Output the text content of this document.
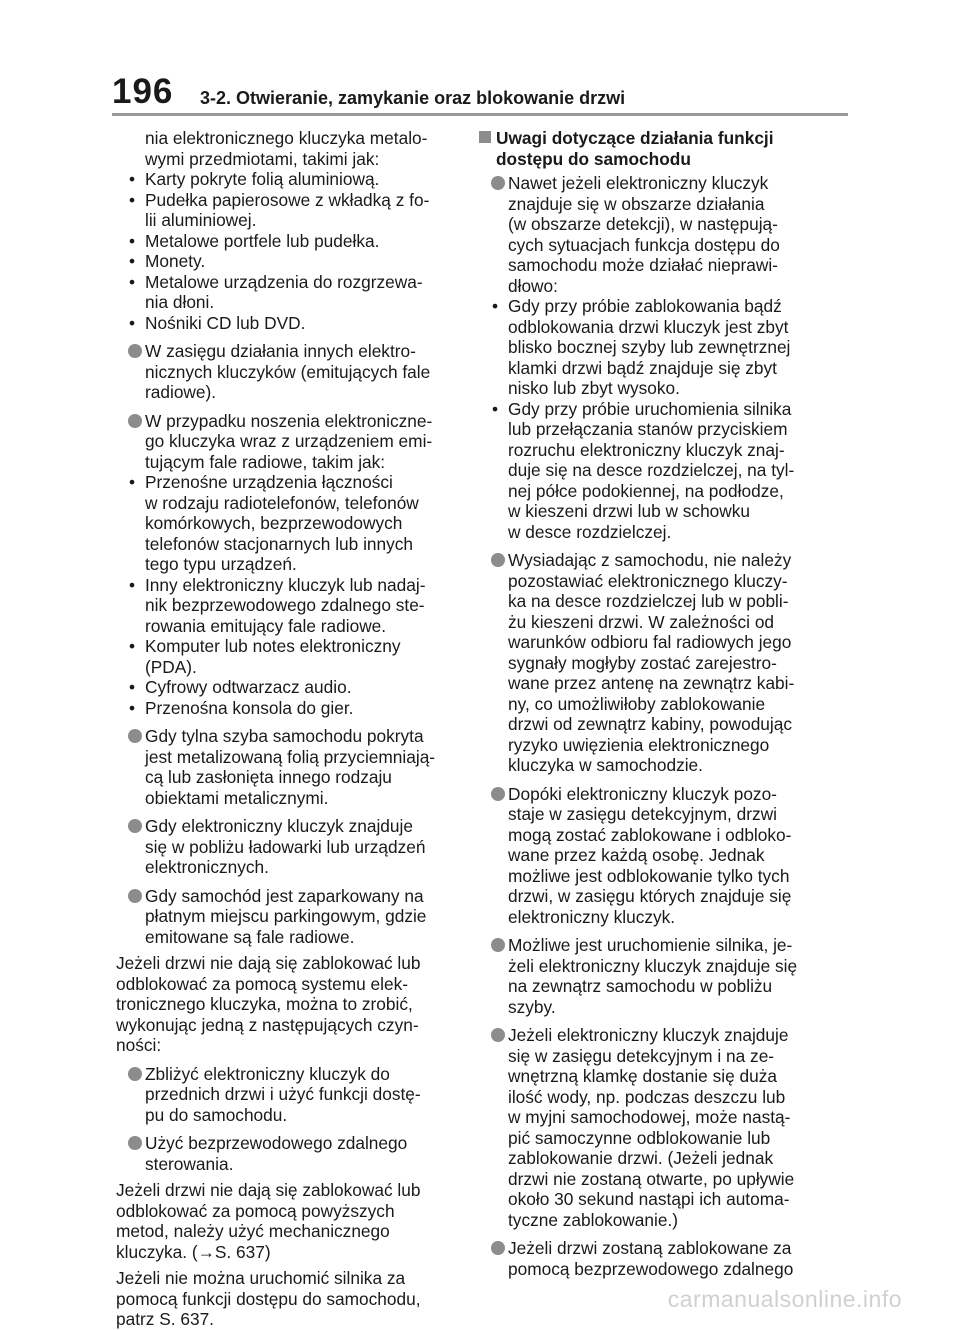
196 3-2. Otwieranie, zamykanie oraz blokowanie drzwi
nia elektronicznego kluczyka metalo-
wymi przedmiotami, takimi jak:
• Karty pokryte folią aluminiową.
• Pudełka papierosowe z wkładką z fo-
lii aluminiowej.
• Metalowe portfele lub pudełka.
• Monety.
• Metalowe urządzenia do rozgrzewa-
nia dłoni.
• Nośniki CD lub DVD.
W zasięgu działania innych elektro-
nicznych kluczyków (emitujących fale
radiowe).
W przypadku noszenia elektroniczne-
go kluczyka wraz z urządzeniem emi-
tującym fale radiowe, takim jak:
• Przenośne urządzenia łączności
w rodzaju radiotelefonów, telefonów
komórkowych, bezprzewodowych
telefonów stacjonarnych lub innych
tego typu urządzeń.
• Inny elektroniczny kluczyk lub nadaj-
nik bezprzewodowego zdalnego ste-
rowania emitujący fale radiowe.
• Komputer lub notes elektroniczny
(PDA).
• Cyfrowy odtwarzacz audio.
• Przenośna konsola do gier.
Gdy tylna szyba samochodu pokryta
jest metalizowaną folią przyciemniają-
cą lub zasłonięta innego rodzaju
obiektami metalicznymi.
Gdy elektroniczny kluczyk znajduje
się w pobliżu ładowarki lub urządzeń
elektronicznych.
Gdy samochód jest zaparkowany na
płatnym miejscu parkingowym, gdzie
emitowane są fale radiowe.
Jeżeli drzwi nie dają się zablokować lub
odblokować za pomocą systemu elek-
tronicznego kluczyka, można to zrobić,
wykonując jedną z następujących czyn-
ności:
Zbliżyć elektroniczny kluczyk do
przednich drzwi i użyć funkcji dostę-
pu do samochodu.
Użyć bezprzewodowego zdalnego
sterowania.
Jeżeli drzwi nie dają się zablokować lub
odblokować za pomocą powyższych
metod, należy użyć mechanicznego
kluczyka. (→S. 637)
Jeżeli nie można uruchomić silnika za
pomocą funkcji dostępu do samochodu,
patrz S. 637.
Uwagi dotyczące działania funkcji
dostępu do samochodu
Nawet jeżeli elektroniczny kluczyk
znajduje się w obszarze działania
(w obszarze detekcji), w następują-
cych sytuacjach funkcja dostępu do
samochodu może działać nieprawi-
dłowo:
• Gdy przy próbie zablokowania bądź
odblokowania drzwi kluczyk jest zbyt
blisko bocznej szyby lub zewnętrznej
klamki drzwi bądź znajduje się zbyt
nisko lub zbyt wysoko.
• Gdy przy próbie uruchomienia silnika
lub przełączania stanów przyciskiem
rozruchu elektroniczny kluczyk znaj-
duje się na desce rozdzielczej, na tyl-
nej półce podokiennej, na podłodze,
w kieszeni drzwi lub w schowku
w desce rozdzielczej.
Wysiadając z samochodu, nie należy
pozostawiać elektronicznego kluczy-
ka na desce rozdzielczej lub w pobli-
żu kieszeni drzwi. W zależności od
warunków odbioru fal radiowych jego
sygnały mogłyby zostać zarejestro-
wane przez antenę na zewnątrz kabi-
ny, co umożliwiłoby zablokowanie
drzwi od zewnątrz kabiny, powodując
ryzyko uwięzienia elektronicznego
kluczyka w samochodzie.
Dopóki elektroniczny kluczyk pozo-
staje w zasięgu detekcyjnym, drzwi
mogą zostać zablokowane i odbloko-
wane przez każdą osobę. Jednak
możliwe jest odblokowanie tylko tych
drzwi, w zasięgu których znajduje się
elektroniczny kluczyk.
Możliwe jest uruchomienie silnika, je-
żeli elektroniczny kluczyk znajduje się
na zewnątrz samochodu w pobliżu
szyby.
Jeżeli elektroniczny kluczyk znajduje
się w zasięgu detekcyjnym i na ze-
wnętrzną klamkę dostanie się duża
ilość wody, np. podczas deszczu lub
w myjni samochodowej, może nastą-
pić samoczynne odblokowanie lub
zablokowanie drzwi. (Jeżeli jednak
drzwi nie zostaną otwarte, po upływie
około 30 sekund nastąpi ich automa-
tyczne zablokowanie.)
Jeżeli drzwi zostaną zablokowane za
pomocą bezprzewodowego zdalnego
carmanualsonline.info
